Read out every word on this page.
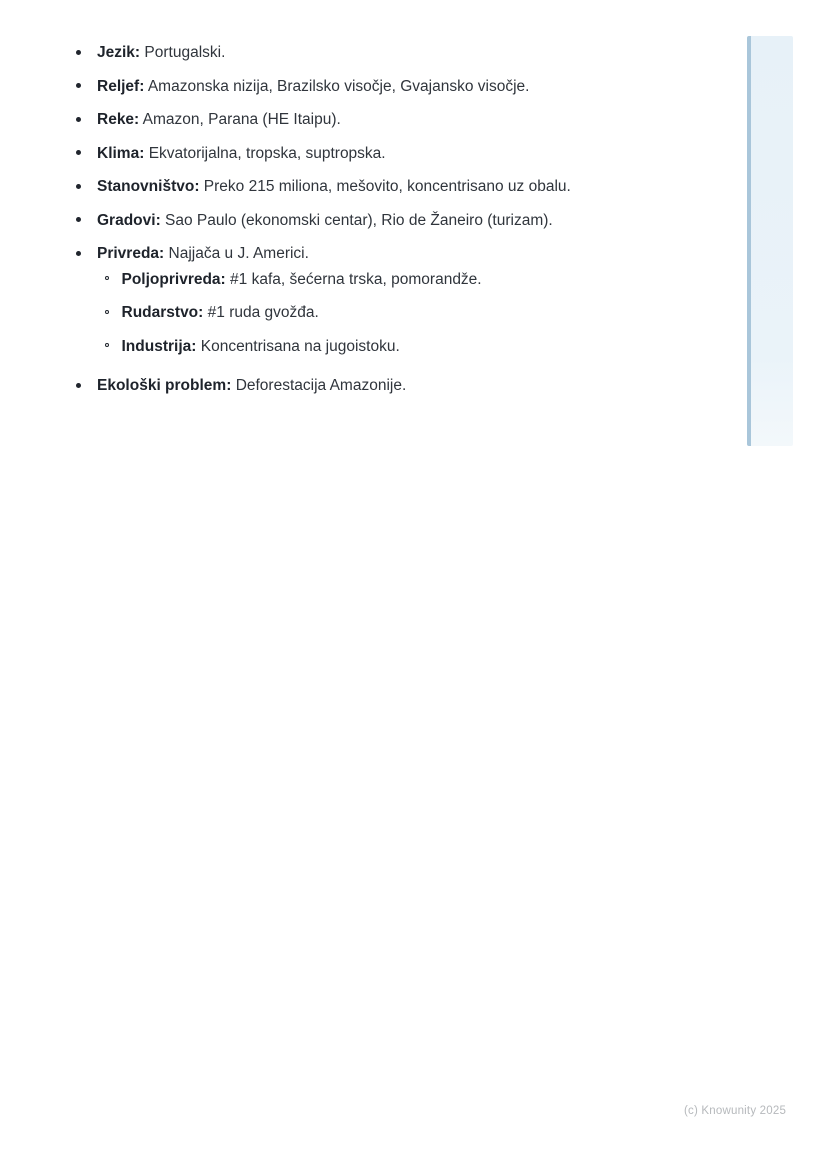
Jezik: Portugalski.
Reljef: Amazonska nizija, Brazilsko visočje, Gvajansko visočje.
Reke: Amazon, Parana (HE Itaipu).
Klima: Ekvatorijalna, tropska, suptropska.
Stanovništvo: Preko 215 miliona, mešovito, koncentrisano uz obalu.
Gradovi: Sao Paulo (ekonomski centar), Rio de Žaneiro (turizam).
Privreda: Najjača u J. Americi.
Poljoprivreda: #1 kafa, šećerna trska, pomorandže.
Rudarstvo: #1 ruda gvožđa.
Industrija: Koncentrisana na jugoistoku.
Ekološki problem: Deforestacija Amazonije.
(c) Knowunity 2025
